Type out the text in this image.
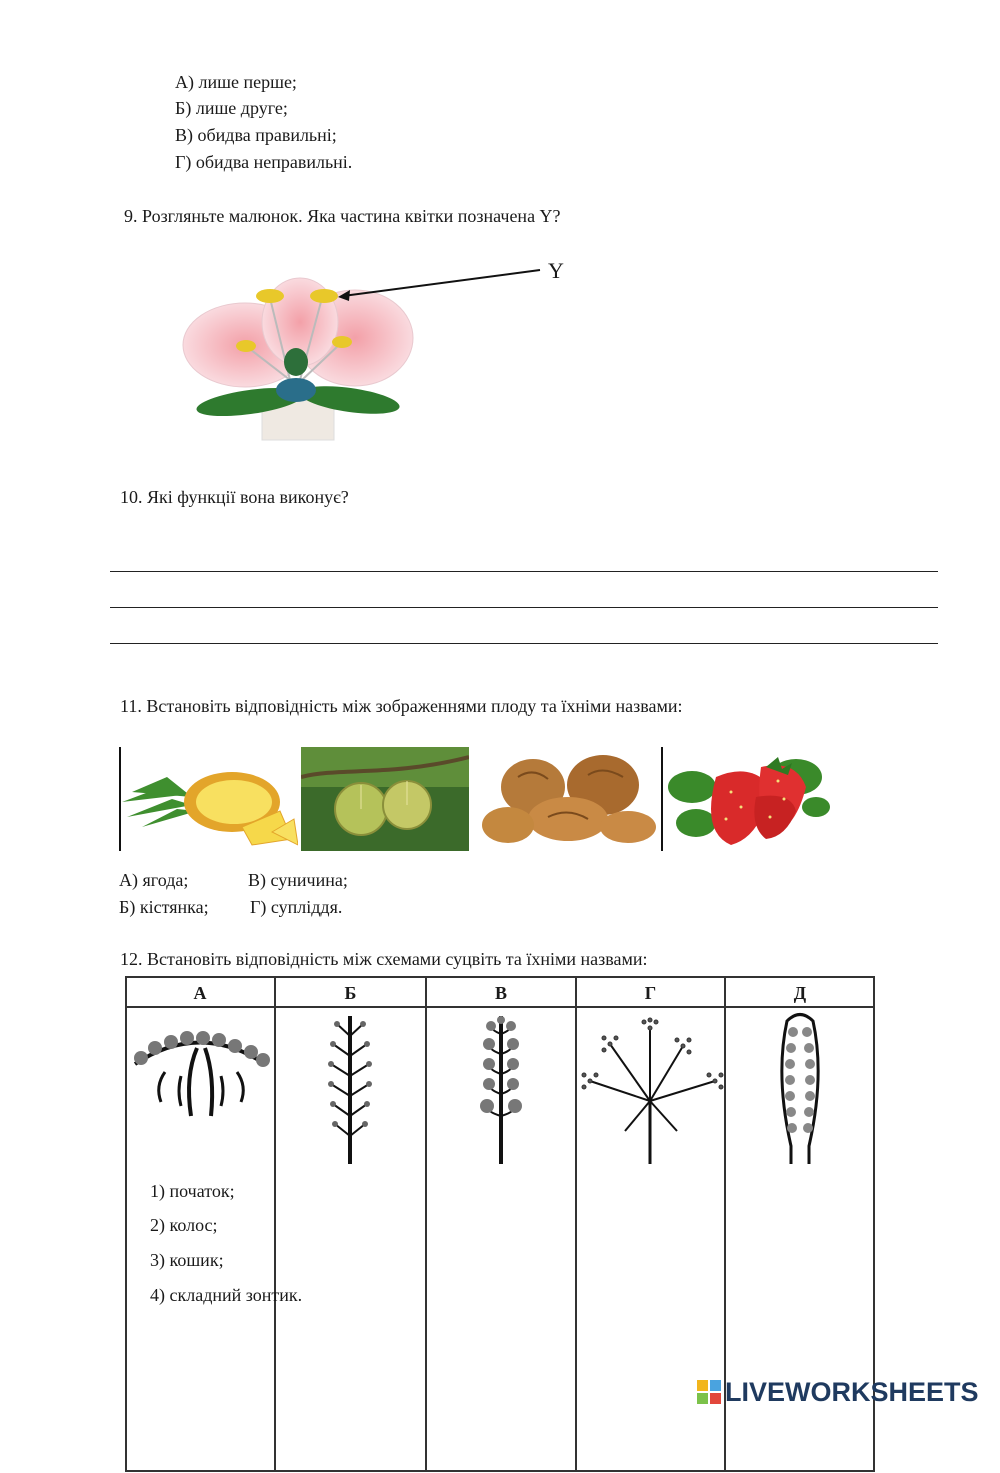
А) лише перше;
Б) лише друге;
В) обидва правильні;
Г) обидва неправильні.
9. Розгляньте малюнок. Яка частина квітки позначена Y?
Y
10. Які функції вона виконує?
11. Встановіть відповідність між зображеннями плоду та їхніми назвами:
А) ягода;	В) суничина;
Б) кістянка; Г) супліддя.
12. Встановіть відповідність між схемами суцвіть та їхніми назвами:
А	Б	В	Г	Д
1) початок;
2) колос;
3) кошик;
4) складний зонтик.
LIVEWORKSHEETS
